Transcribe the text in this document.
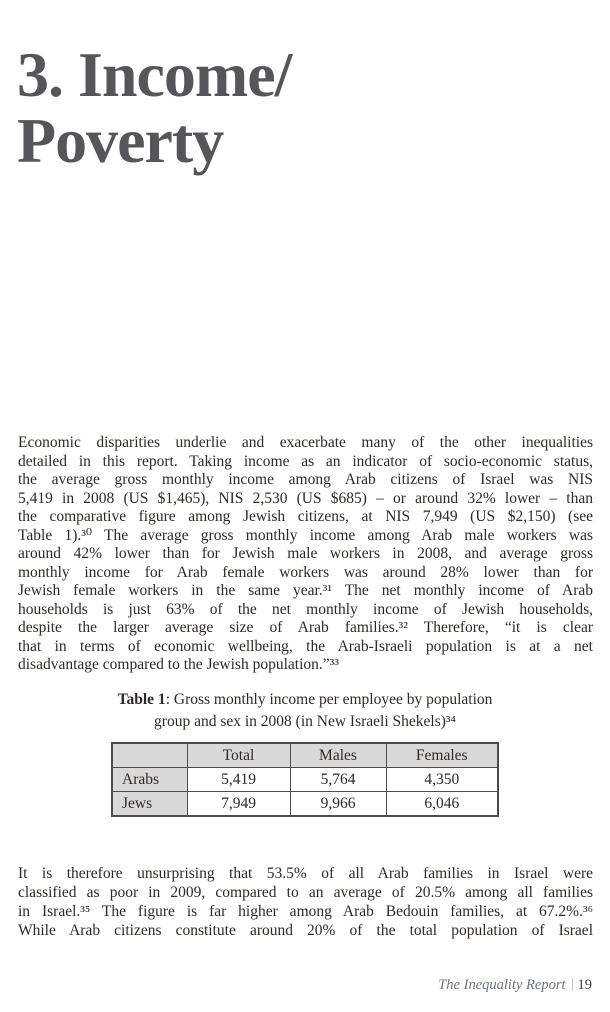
3. Income/
Poverty
Economic disparities underlie and exacerbate many of the other inequalities
detailed in this report. Taking income as an indicator of socio-economic status,
the average gross monthly income among Arab citizens of Israel was NIS
5,419 in 2008 (US $1,465), NIS 2,530 (US $685) – or around 32% lower – than
the comparative figure among Jewish citizens, at NIS 7,949 (US $2,150) (see
Table 1).³⁰ The average gross monthly income among Arab male workers was
around 42% lower than for Jewish male workers in 2008, and average gross
monthly income for Arab female workers was around 28% lower than for
Jewish female workers in the same year.³¹ The net monthly income of Arab
households is just 63% of the net monthly income of Jewish households,
despite the larger average size of Arab families.³² Therefore, “it is clear
that in terms of economic wellbeing, the Arab-Israeli population is at a net
disadvantage compared to the Jewish population.”³³
Table 1: Gross monthly income per employee by population
group and sex in 2008 (in New Israeli Shekels)³⁴
	Total	Males	Females
Arabs	5,419	5,764	4,350
Jews	7,949	9,966	6,046
It is therefore unsurprising that 53.5% of all Arab families in Israel were
classified as poor in 2009, compared to an average of 20.5% among all families
in Israel.³⁵ The figure is far higher among Arab Bedouin families, at 67.2%.³⁶
While Arab citizens constitute around 20% of the total population of Israel
The Inequality Report 19
